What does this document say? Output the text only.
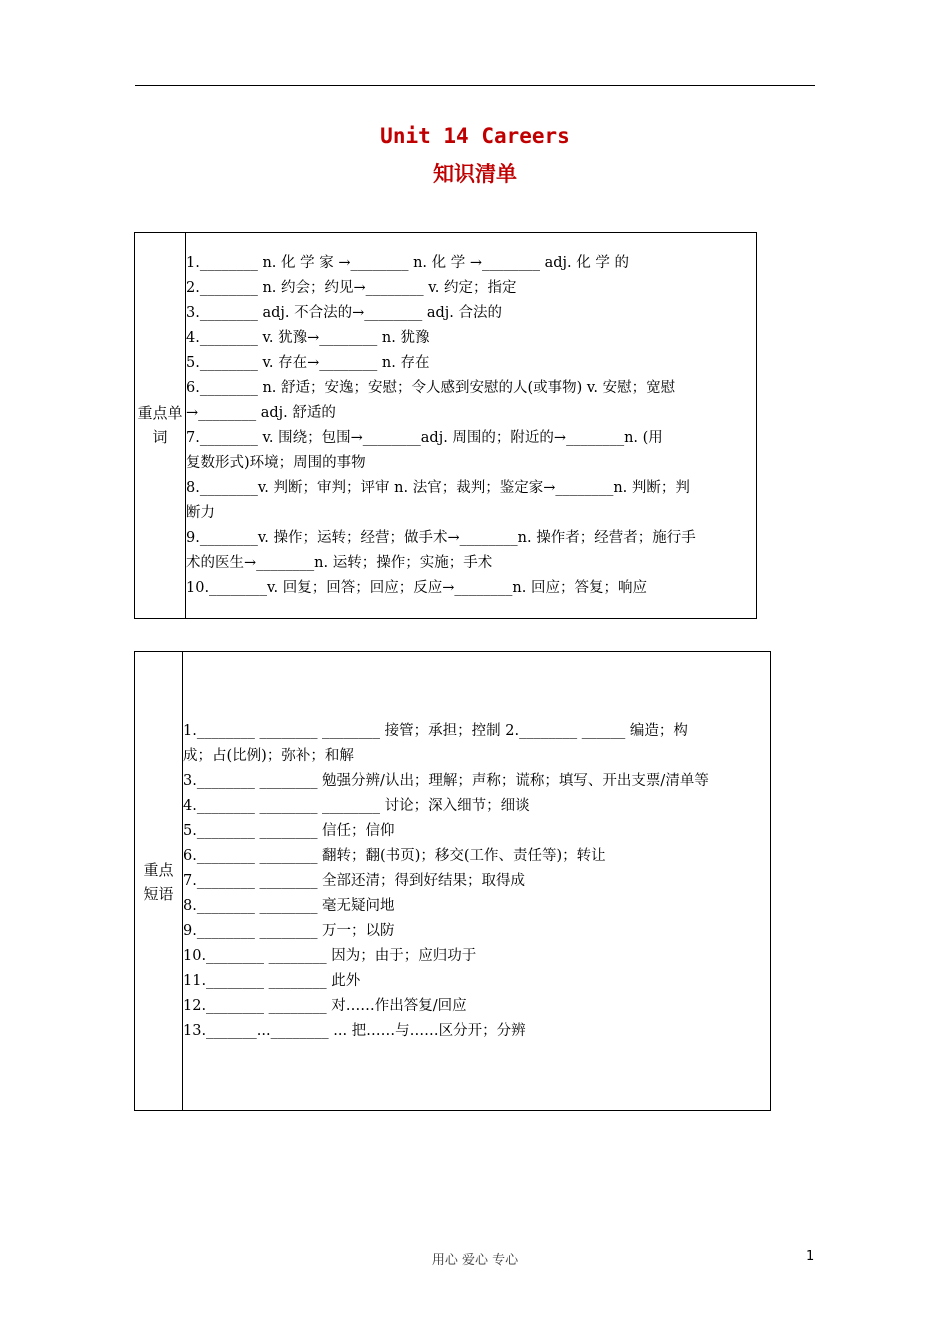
Unit 14 Careers
知识清单
重点单
词
1.________ n. 化 学 家 →________ n. 化 学 →________ adj. 化 学 的
2.________ n. 约会；约见→________ v. 约定；指定
3.________ adj. 不合法的→________ adj. 合法的
4.________ v. 犹豫→________ n. 犹豫
5.________ v. 存在→________ n. 存在
6.________ n. 舒适；安逸；安慰；令人感到安慰的人(或事物) v. 安慰；宽慰
→________ adj. 舒适的
7.________ v. 围绕；包围→________adj. 周围的；附近的→________n. (用
复数形式)环境；周围的事物
8.________v. 判断；审判；评审 n. 法官；裁判；鉴定家→________n. 判断；判
断力
9.________v. 操作；运转；经营；做手术→________n. 操作者；经营者；施行手
术的医生→________n. 运转；操作；实施；手术
10.________v. 回复；回答；回应；反应→________n. 回应；答复；响应
重点
短语
1.________ ________ ________ 接管；承担；控制 2.________ ______ 编造；构
成；占(比例)；弥补；和解
3.________ ________ 勉强分辨/认出；理解；声称；谎称；填写、开出支票/清单等
4.________ ________ ________ 讨论；深入细节；细谈
5.________ ________ 信任；信仰
6.________ ________ 翻转；翻(书页)；移交(工作、责任等)；转让
7.________ ________ 全部还清；得到好结果；取得成
8.________ ________ 毫无疑问地
9.________ ________ 万一；以防
10.________ ________ 因为；由于；应归功于
11.________ ________ 此外
12.________ ________ 对……作出答复/回应
13._______...________ ... 把……与……区分开；分辨
用心 爱心 专心	1
